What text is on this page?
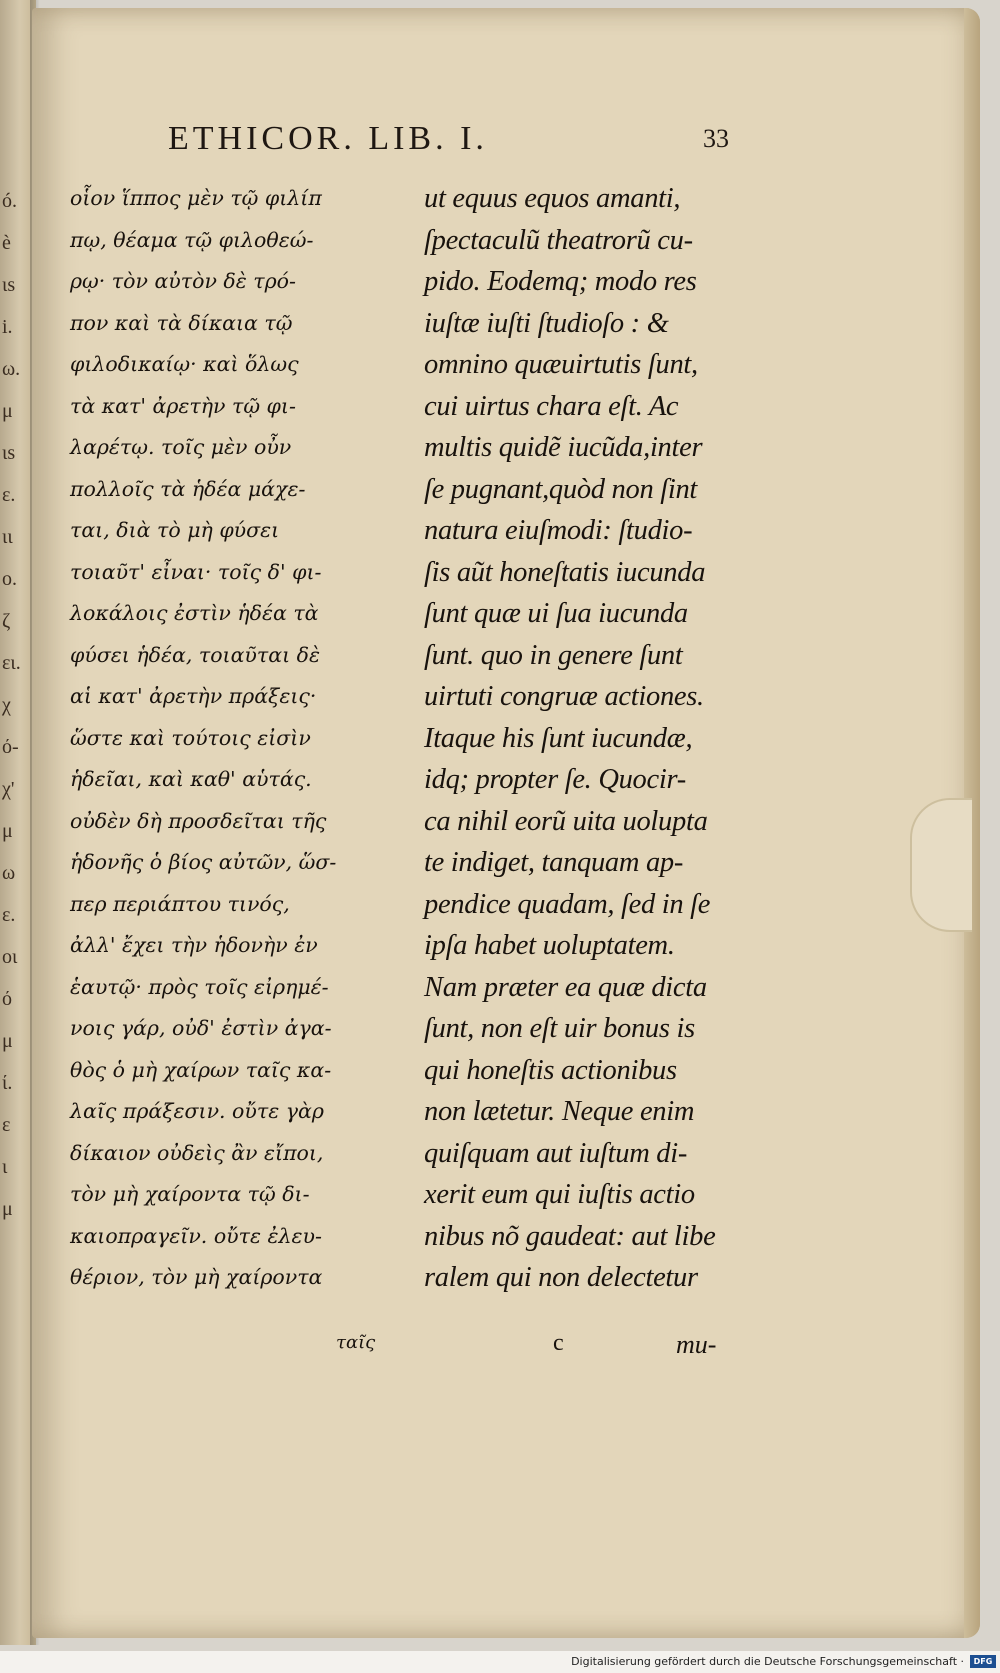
ó.
è
ιs
i.
ω.
μ
ιs
ε.
ιι
ο.
ζ
ει.
χ
ό-
χ'
μ
ω
ε.
οι
ό
μ
ί.
ε
ι
μ
ETHICOR. LIB. I.	33
οἷον ἵππος μὲν τῷ φιλίπ
πῳ, θέαμα τῷ φιλοθεώ-
ρῳ· τὸν αὐτὸν δὲ τρό-
πον καὶ τὰ δίκαια τῷ
φιλοδικαίῳ· καὶ ὅλως
τὰ κατ' ἀρετὴν τῷ φι-
λαρέτῳ. τοῖς μὲν οὖν
πολλοῖς τὰ ἡδέα μάχε-
ται, διὰ τὸ μὴ φύσει
τοιαῦτ' εἶναι· τοῖς δ' φι-
λοκάλοις ἐστὶν ἡδέα τὰ
φύσει ἡδέα, τοιαῦται δὲ
αἱ κατ' ἀρετὴν πράξεις·
ὥστε καὶ τούτοις εἰσὶν
ἡδεῖαι, καὶ καθ' αὑτάς.
οὐδὲν δὴ προσδεῖται τῆς
ἡδονῆς ὁ βίος αὐτῶν, ὥσ-
περ περιάπτου τινός,
ἀλλ' ἔχει τὴν ἡδονὴν ἐν
ἑαυτῷ· πρὸς τοῖς εἰρημέ-
νοις γάρ, οὐδ' ἐστὶν ἀγα-
θὸς ὁ μὴ χαίρων ταῖς κα-
λαῖς πράξεσιν. οὔτε γὰρ
δίκαιον οὐδεὶς ἂν εἴποι,
τὸν μὴ χαίροντα τῷ δι-
καιοπραγεῖν. οὔτε ἐλευ-
θέριον, τὸν μὴ χαίροντα
ut equus equos amanti,
ſpectaculũ theatrorũ cu-
pido. Eodemq; modo res
iuſtæ iuſti ſtudioſo : &
omnino quæuirtutis ſunt,
cui uirtus chara eſt. Ac
multis quidẽ iucũda,inter
ſe pugnant,quòd non ſint
natura eiuſmodi: ſtudio-
ſis aũt honeſtatis iucunda
ſunt quæ ui ſua iucunda
ſunt. quo in genere ſunt
uirtuti congruæ actiones.
Itaque his ſunt iucundæ,
idq; propter ſe. Quocir-
ca nihil eorũ uita uolupta
te indiget, tanquam ap-
pendice quadam, ſed in ſe
ipſa habet uoluptatem.
Nam præter ea quæ dicta
ſunt, non eſt uir bonus is
qui honeſtis actionibus
non lætetur. Neque enim
quiſquam aut iuſtum di-
xerit eum qui iuſtis actio
nibus nõ gaudeat: aut libe
ralem qui non delectetur
ταῖς	c	mu-
Digitalisierung gefördert durch die Deutsche Forschungsgemeinschaft ·	DFG
